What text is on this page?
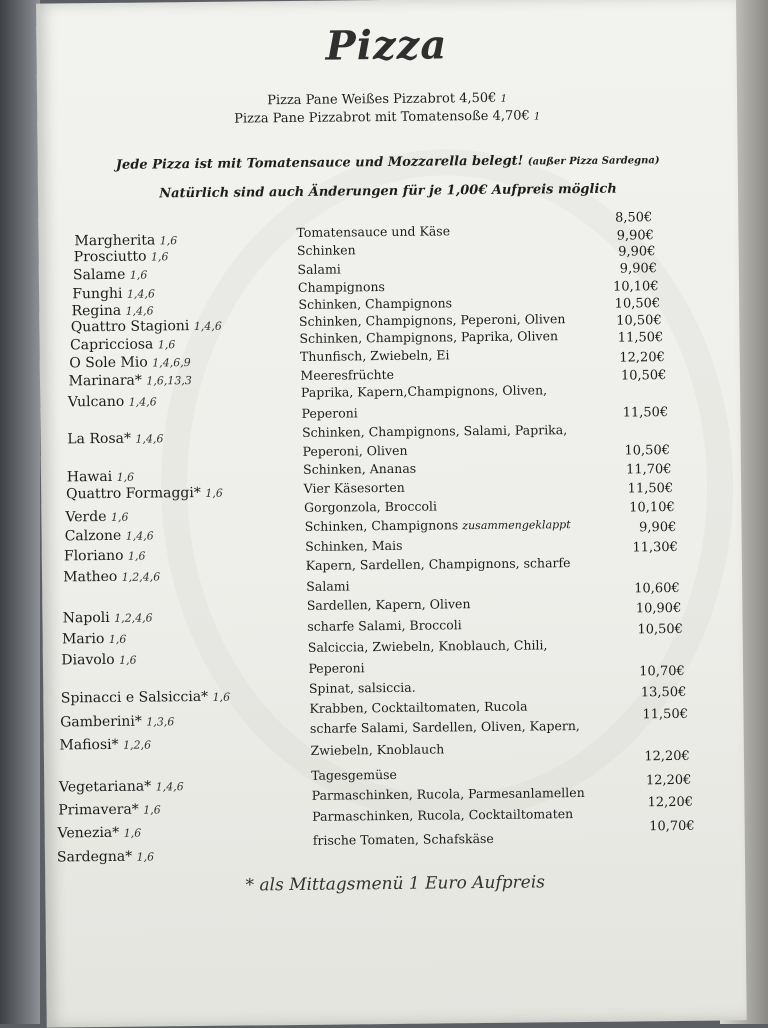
Pizza
Pizza Pane Weißes Pizzabrot 4,50€ 1
Pizza Pane Pizzabrot mit Tomatensoße 4,70€ 1
Jede Pizza ist mit Tomatensauce und Mozzarella belegt! (außer Pizza Sardegna)
Natürlich sind auch Änderungen für je 1,00€ Aufpreis möglich
Margherita 1,6
Prosciutto 1,6
Salame 1,6
Funghi 1,4,6
Regina 1,4,6
Quattro Stagioni 1,4,6
Capricciosa 1,6
O Sole Mio 1,4,6,9
Marinara* 1,6,13,3
Vulcano 1,4,6
La Rosa* 1,4,6
Hawai 1,6
Quattro Formaggi* 1,6
Verde 1,6
Calzone 1,4,6
Floriano 1,6
Matheo 1,2,4,6
Napoli 1,2,4,6
Mario 1,6
Diavolo 1,6
Spinacci e Salsiccia* 1,6
Gamberini* 1,3,6
Mafiosi* 1,2,6
Vegetariana* 1,4,6
Primavera* 1,6
Venezia* 1,6
Sardegna* 1,6
Tomatensauce und Käse
Schinken
Salami
Champignons
Schinken, Champignons
Schinken, Champignons, Peperoni, Oliven
Schinken, Champignons, Paprika, Oliven
Thunfisch, Zwiebeln, Ei
Meeresfrüchte
Paprika, Kapern,Champignons, Oliven,
Peperoni
Schinken, Champignons, Salami, Paprika,
Peperoni, Oliven
Schinken, Ananas
Vier Käsesorten
Gorgonzola, Broccoli
Schinken, Champignons zusammengeklappt
Schinken, Mais
Kapern, Sardellen, Champignons, scharfe
Salami
Sardellen, Kapern, Oliven
scharfe Salami, Broccoli
Salciccia, Zwiebeln, Knoblauch, Chili,
Peperoni
Spinat, salsiccia.
Krabben, Cocktailtomaten, Rucola
scharfe Salami, Sardellen, Oliven, Kapern,
Zwiebeln, Knoblauch
Tagesgemüse
Parmaschinken, Rucola, Parmesanlamellen
Parmaschinken, Rucola, Cocktailtomaten
frische Tomaten, Schafskäse
8,50€
9,90€
9,90€
9,90€
10,10€
10,50€
10,50€
11,50€
12,20€
10,50€
11,50€
10,50€
11,70€
11,50€
10,10€
9,90€
11,30€
10,60€
10,90€
10,50€
10,70€
13,50€
11,50€
12,20€
12,20€
12,20€
10,70€
* als Mittagsmenü 1 Euro Aufpreis
